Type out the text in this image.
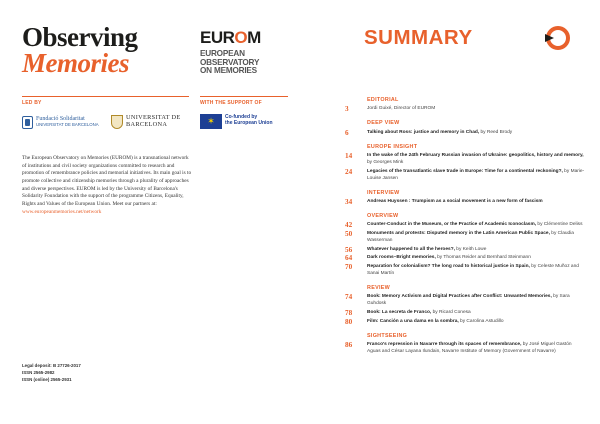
Observing
Memories
EUROM
EUROPEAN
OBSERVATORY
ON MEMORIES
LED BY	WITH THE SUPPORT OF
Fundació Solidaritat
UNIVERSITAT DE BARCELONA
UNIVERSITAT DE
BARCELONA
✶
Co-funded by
the European Union

The European Observatory on Memories (EUROM) is a transnational network of institutions and civil society organizations committed to research and promotion of remembrance policies and memorial initiatives. Its main goal is to promote collective and citizenship memories through a plurality of approaches and diverse perspectives. EUROM is led by the University of Barcelona's Solidarity Foundation with the support of the programme Citizens, Equality, Rights and Values of the European Union. Meet our partners at: www.europeanmemories.net/network

Legal deposit: B 27726-2017
ISSN 2565-2982
ISSN (online) 2565-2931
SUMMARY
EDITORIAL
3	Jordi Guixé, Director of EUROM
DEEP VIEW
6	Talking about Ross: justice and memory in Chad, by Reed Brody
EUROPE INSIGHT
14	In the wake of the 24th February Russian invasion of Ukraine: geopolitics, history and memory, by Georges Mink
24	Legacies of the transatlantic slave trade in Europe: Time for a continental reckoning?, by Marie-Louise Jansen
INTERVIEW
34	Andreas Huyssen : Trumpism as a social movement is a new form of fascism
OVERVIEW
42	Counter-Conduct in the Museum, or the Practice of Academic Iconoclasm, by Clémentine Deliss
50	Monuments and protests: Disputed memory in the Latin American Public Space, by Claudia Wasserman
56	Whatever happened to all the heroes?, by Keith Lowe
64	Dark rooms–Bright memories, by Thomas Reider and Bernhard Steinmann
70	Reparation for colonialism? The long road to historical justice in Spain, by Celeste Muñoz and Sanai Martín
REVIEW
74	Book: Memory Activism and Digital Practices after Conflict: Unwanted Memories, by Sara Guhdosk
78	Book: La secreta de Franco, by Ricard Conesa
80	Film: Canción a una dama en la sombra, by Carolina Astudillo
SIGHTSEEING
86	Franco's repression in Navarre through its spaces of remembrance, by José Miguel Gastón Aguas and César Layana Ilundain, Navarre Institute of Memory (Government of Navarre)
